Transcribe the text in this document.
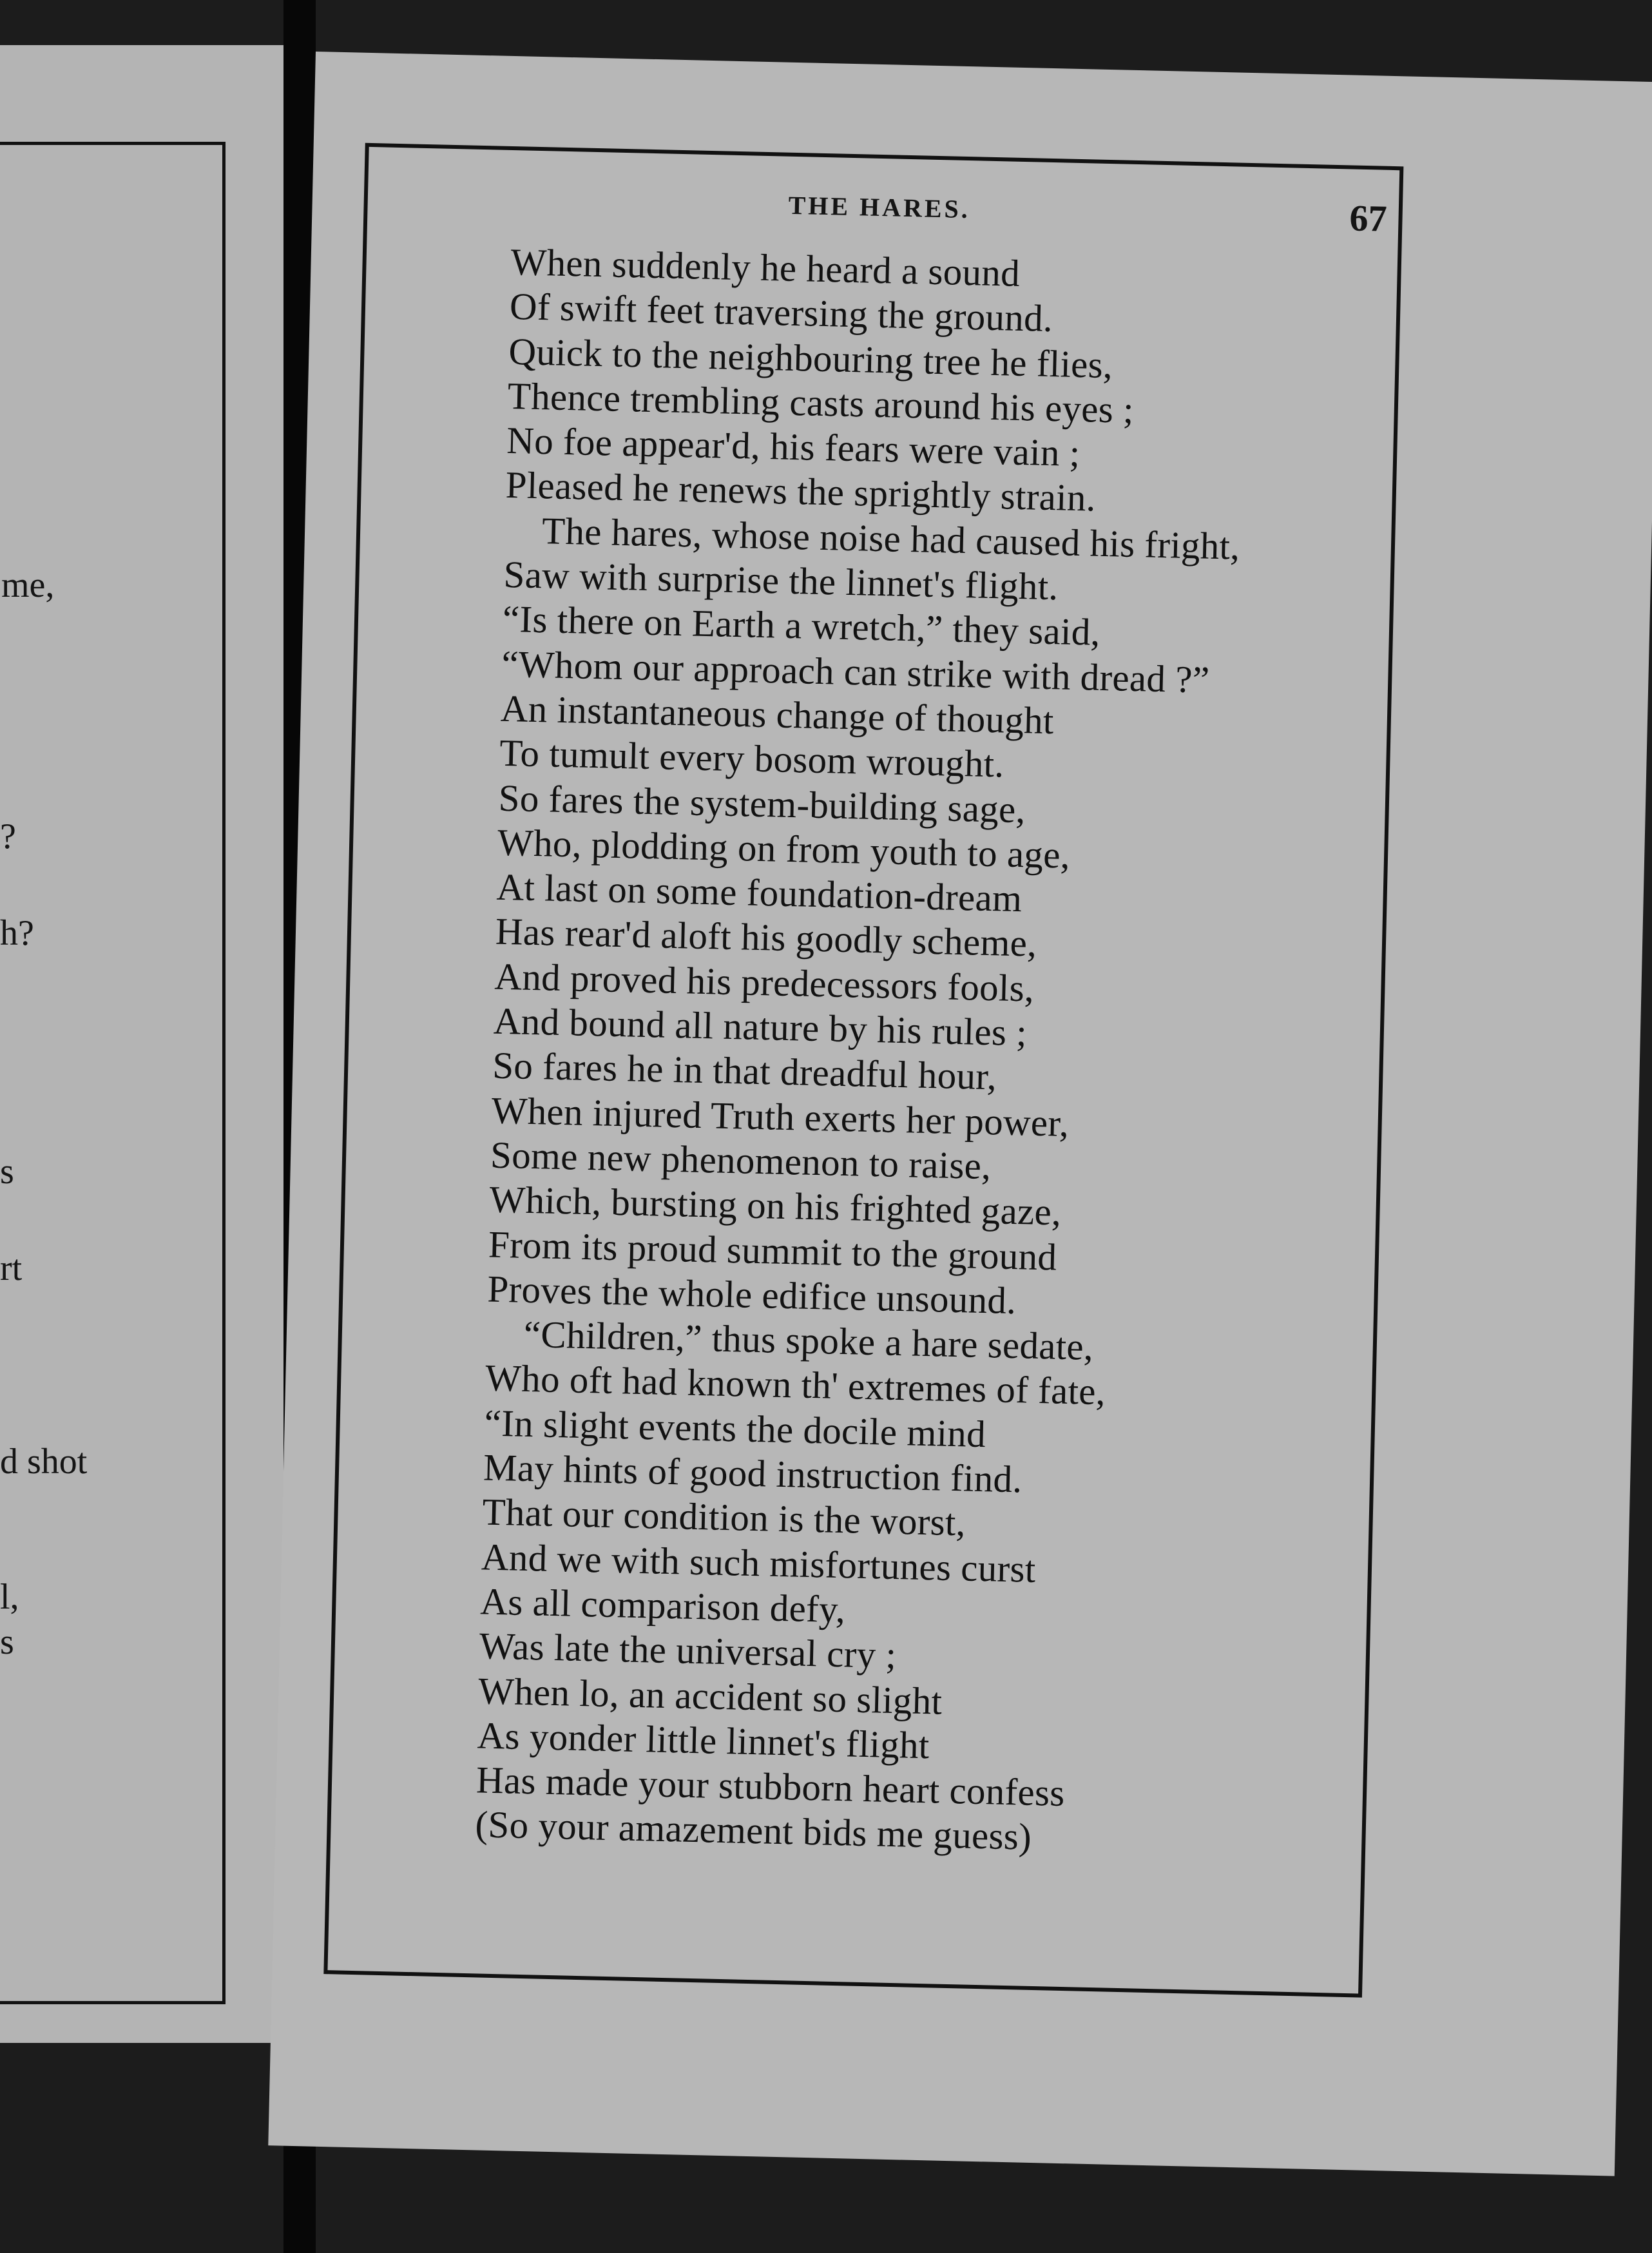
me,

?

h?

s

rt

d shot

l,

s

THE HARES.	67

When suddenly he heard a sound
Of swift feet traversing the ground.
Quick to the neighbouring tree he flies,
Thence trembling casts around his eyes ;
No foe appear'd, his fears were vain ;
Pleased he renews the sprightly strain.
The hares, whose noise had caused his fright,
Saw with surprise the linnet's flight.
“Is there on Earth a wretch,” they said,
“Whom our approach can strike with dread ?”
An instantaneous change of thought
To tumult every bosom wrought.
So fares the system-building sage,
Who, plodding on from youth to age,
At last on some foundation-dream
Has rear'd aloft his goodly scheme,
And proved his predecessors fools,
And bound all nature by his rules ;
So fares he in that dreadful hour,
When injured Truth exerts her power,
Some new phenomenon to raise,
Which, bursting on his frighted gaze,
From its proud summit to the ground
Proves the whole edifice unsound.
“Children,” thus spoke a hare sedate,
Who oft had known th' extremes of fate,
“In slight events the docile mind
May hints of good instruction find.
That our condition is the worst,
And we with such misfortunes curst
As all comparison defy,
Was late the universal cry ;
When lo, an accident so slight
As yonder little linnet's flight
Has made your stubborn heart confess
(So your amazement bids me guess)
